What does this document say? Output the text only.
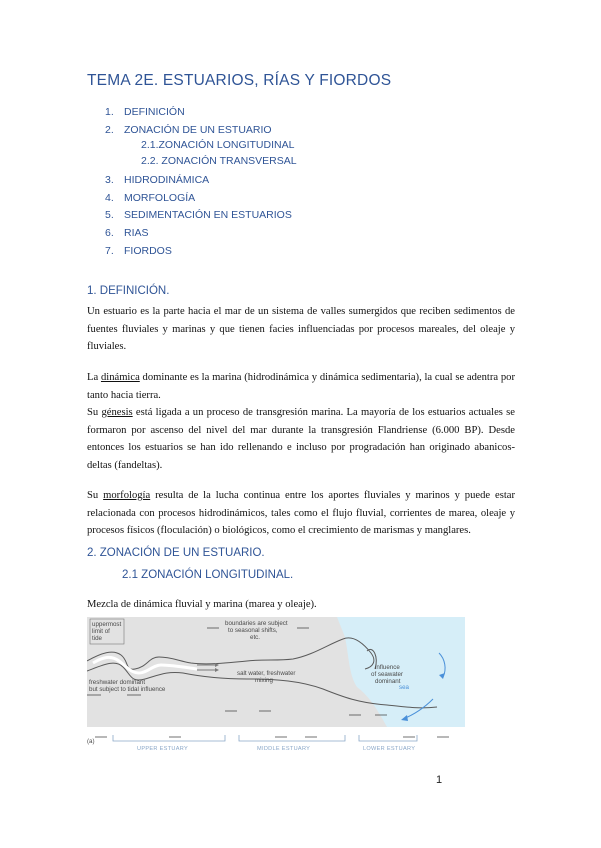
TEMA 2E. ESTUARIOS, RÍAS Y FIORDOS
1. DEFINICIÓN
2. ZONACIÓN DE UN ESTUARIO
2.1.ZONACIÓN LONGITUDINAL
2.2. ZONACIÓN TRANSVERSAL
3. HIDRODINÁMICA
4. MORFOLOGÍA
5. SEDIMENTACIÓN EN ESTUARIOS
6. RIAS
7. FIORDOS
1. DEFINICIÓN.

Un estuario es la parte hacia el mar de un sistema de valles sumergidos que reciben sedimentos de fuentes fluviales y marinas y que tienen facies influenciadas por procesos mareales, del oleaje y fluviales.

La dinámica dominante es la marina (hidrodinámica y dinámica sedimentaria), la cual se adentra por tanto hacia tierra.

Su génesis está ligada a un proceso de transgresión marina. La mayoría de los estuarios actuales se formaron por ascenso del nivel del mar durante la transgresión Flandriense (6.000 BP). Desde entonces los estuarios se han ido rellenando e incluso por progradación han originado abanicos-deltas (fandeltas).

Su morfología resulta de la lucha continua entre los aportes fluviales y marinos y puede estar relacionada con procesos hidrodinámicos, tales como el flujo fluvial, corrientes de marea, oleaje y procesos físicos (floculación) o biológicos, como el crecimiento de marismas y manglares.

2. ZONACIÓN DE UN ESTUARIO.
2.1 ZONACIÓN LONGITUDINAL.
Mezcla de dinámica fluvial y marina (marea y oleaje).
uppermost
limit of
tide
boundaries are subject
to seasonal shifts,
etc.
freshwater dominant
but subject to tidal influence
salt water, freshwater
mixing
influence
of seawater
dominant
sea
(a)
UPPER ESTUARY	MIDDLE ESTUARY	LOWER ESTUARY
1
